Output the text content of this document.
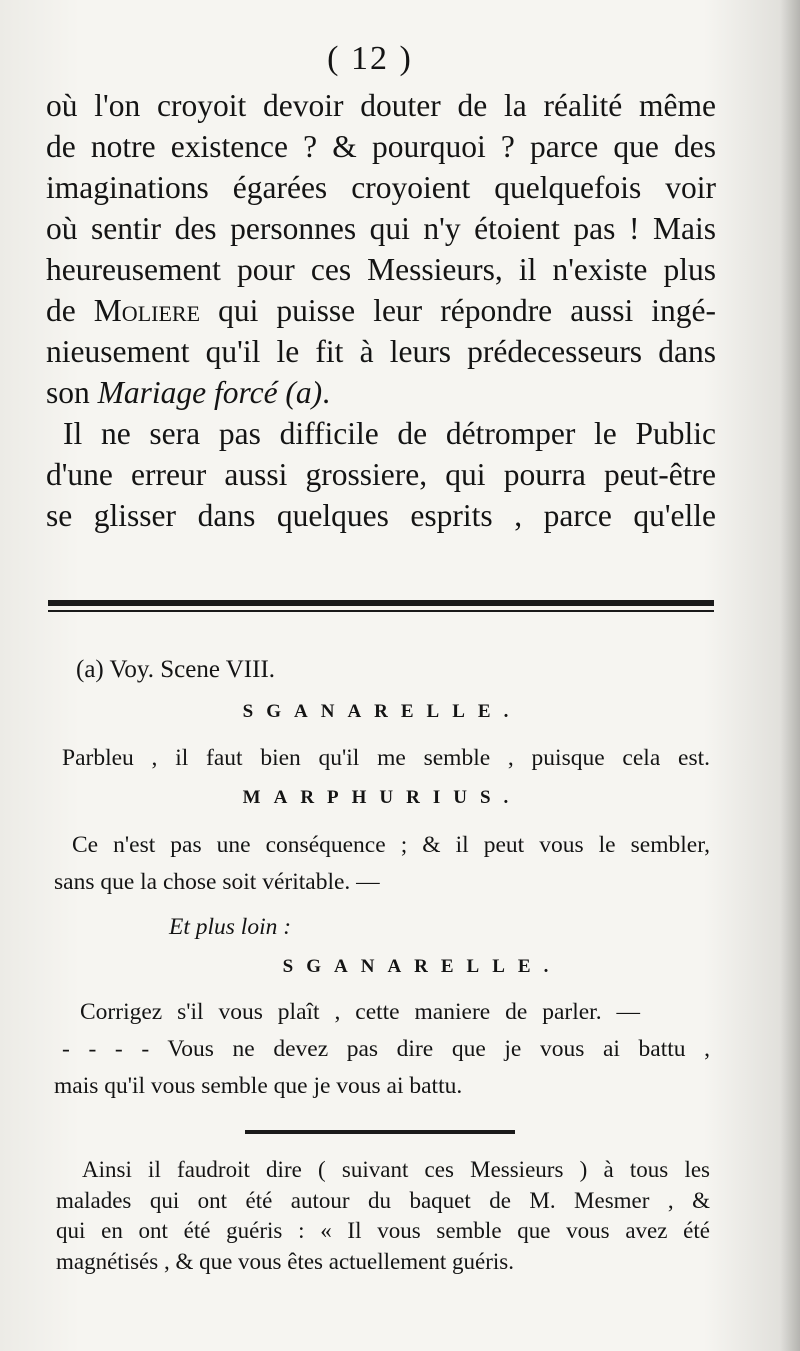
( 12 )
où l'on croyoit devoir douter de la réalité même
de notre existence ? & pourquoi ? parce que des
imaginations égarées croyoient quelquefois voir
où sentir des personnes qui n'y étoient pas ! Mais
heureusement pour ces Messieurs, il n'existe plus
de Moliere qui puisse leur répondre aussi ingé-
nieusement qu'il le fit à leurs prédecesseurs dans
son Mariage forcé (a).
Il ne sera pas difficile de détromper le Public
d'une erreur aussi grossiere, qui pourra peut-être
se glisser dans quelques esprits , parce qu'elle
(a) Voy. Scene VIII.
SGANARELLE.
Parbleu , il faut bien qu'il me semble , puisque cela est.
MARPHURIUS.
Ce n'est pas une conséquence ; & il peut vous le sembler,
sans que la chose soit véritable. —
Et plus loin :
SGANARELLE.
Corrigez s'il vous plaît , cette maniere de parler. —
- - - - Vous ne devez pas dire que je vous ai battu ,
mais qu'il vous semble que je vous ai battu.
Ainsi il faudroit dire ( suivant ces Messieurs ) à tous les
malades qui ont été autour du baquet de M. Mesmer , &
qui en ont été guéris : « Il vous semble que vous avez été
magnétisés , & que vous êtes actuellement guéris.
